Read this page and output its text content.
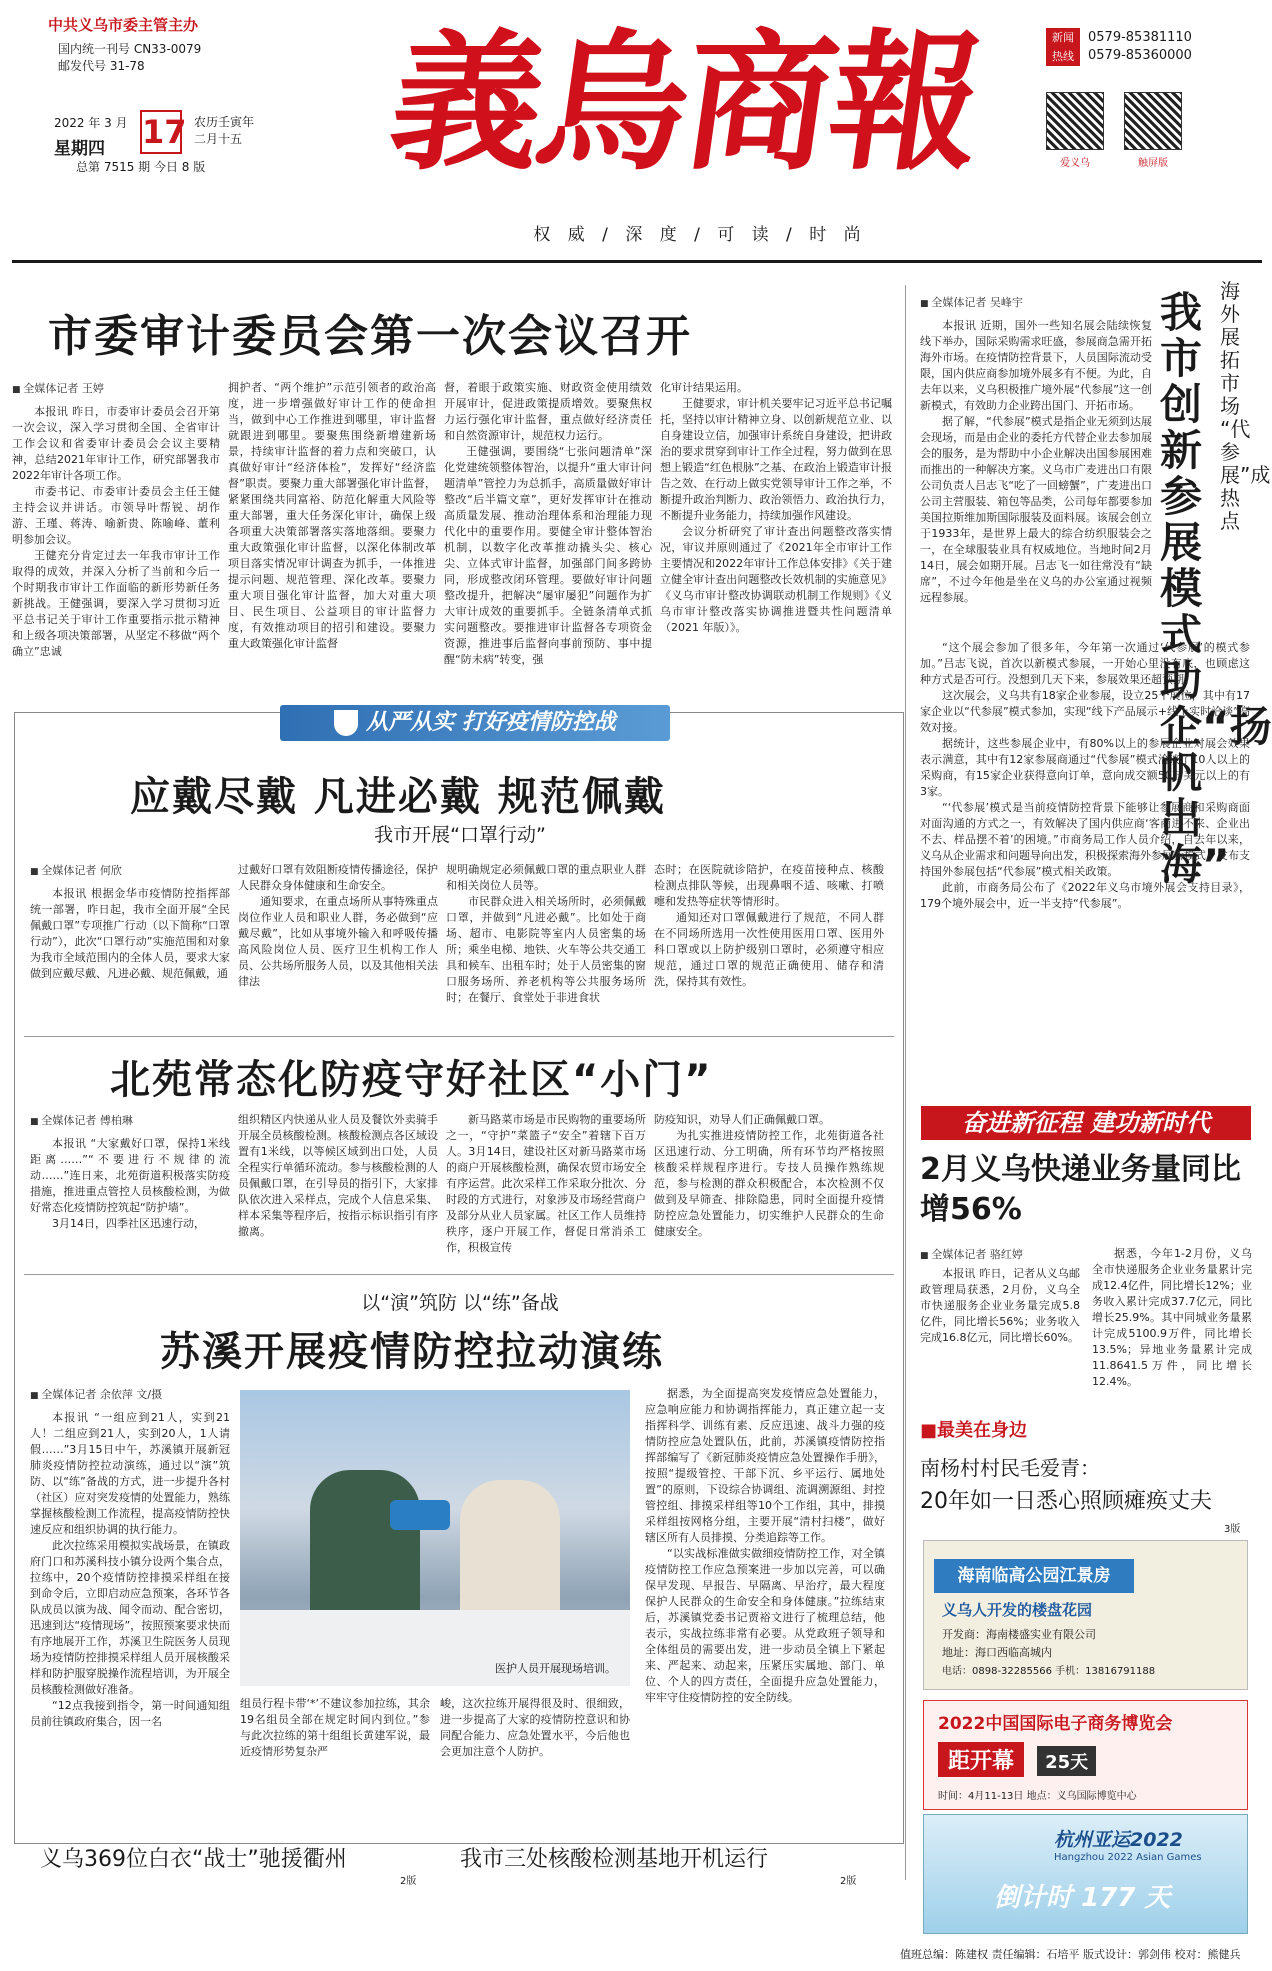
中共义乌市委主管主办
国内统一刊号 CN33-0079
邮发代号 31-78
2022 年 3 月
星期四 17 农历壬寅年
二月十五
总第 7515 期 今日 8 版 義烏商報
权 威 / 深 度 / 可 读 / 时 尚
新闻
热线
0579-85381110
0579-85360000
爱义乌	触屏版
市委审计委员会第一次会议召开
■ 全媒体记者 王婷

本报讯 昨日，市委审计委员会召开第一次会议，深入学习贯彻全国、全省审计工作会议和省委审计委员会会议主要精神，总结2021年审计工作，研究部署我市2022年审计各项工作。

市委书记、市委审计委员会主任王健主持会议并讲话。市领导叶帮锐、胡作游、王瑾、蒋涛、喻新贵、陈喻峰、董利明参加会议。

王健充分肯定过去一年我市审计工作取得的成效，并深入分析了当前和今后一个时期我市审计工作面临的新形势新任务新挑战。王健强调，要深入学习贯彻习近平总书记关于审计工作重要指示批示精神和上级各项决策部署，从坚定不移做“两个确立”忠诚

拥护者、“两个维护”示范引领者的政治高度，进一步增强做好审计工作的使命担当，做到中心工作推进到哪里，审计监督就跟进到哪里。要聚焦围绕新增建新场景，持续审计监督的着力点和突破口，认真做好审计“经济体检”，发挥好“经济监督”职责。要聚力重大部署强化审计监督，紧紧围绕共同富裕、防范化解重大风险等重大部署，重大任务深化审计，确保上级各项重大决策部署落实落地落细。要聚力重大政策强化审计监督，以深化体制改革项目落实情况审计调查为抓手，一体推进提示问题、规范管理、深化改革。要聚力重大项目强化审计监督，加大对重大项目、民生项目、公益项目的审计监督力度，有效推动项目的招引和建设。要聚力重大政策强化审计监督

督，着眼于政策实施、财政资金使用绩效开展审计，促进政策提质增效。要聚焦权力运行强化审计监督，重点做好经济责任和自然资源审计，规范权力运行。

王健强调，要围绕“七张问题清单”深化党建统领整体智治，以提升“重大审计问题清单”管控力为总抓手，高质量做好审计整改“后半篇文章”，更好发挥审计在推动高质量发展、推动治理体系和治理能力现代化中的重要作用。要健全审计整体智治机制，以数字化改革推动撬头尖、核心尖、立体式审计监督，加强部门间多跨协同，形成整改闭环管理。要做好审计问题整改提升，把解决“屡审屡犯”问题作为扩大审计成效的重要抓手。全链条清单式抓实问题整改。要推进审计监督各专项资金资源，推进事后监督向事前预防、事中提醒“防未病”转变，强

化审计结果运用。

王健要求，审计机关要牢记习近平总书记嘱托，坚持以审计精神立身、以创新规范立业、以自身建设立信，加强审计系统自身建设，把讲政治的要求贯穿到审计工作全过程，努力做到在思想上锻造“红色根脉”之基、在政治上锻造审计报告之效、在行动上做实党领导审计工作之举，不断提升政治判断力、政治领悟力、政治执行力，不断提升业务能力，持续加强作风建设。

会议分析研究了审计查出问题整改落实情况，审议并原则通过了《2021年全市审计工作主要情况和2022年审计工作总体安排》《关于建立健全审计查出问题整改长效机制的实施意见》《义乌市审计整改协调联动机制工作规则》《义乌市审计整改落实协调推进暨共性问题清单（2021 年版）》。

从严从实 打好疫情防控战
应戴尽戴 凡进必戴 规范佩戴
我市开展“口罩行动”
■ 全媒体记者 何欣

本报讯 根据金华市疫情防控指挥部统一部署，昨日起，我市全面开展“全民佩戴口罩”专项推广行动（以下简称“口罩行动”），此次“口罩行动”实施范围和对象为我市全域范围内的全体人员，要求大家做到应戴尽戴、凡进必戴、规范佩戴，通

过戴好口罩有效阻断疫情传播途径，保护人民群众身体健康和生命安全。

通知要求，在重点场所从事特殊重点岗位作业人员和职业人群，务必做到“应戴尽戴”，比如从事境外输入和呼吸传播高风险岗位人员、医疗卫生机构工作人员、公共场所服务人员，以及其他相关法律法

规明确规定必须佩戴口罩的重点职业人群和相关岗位人员等。

市民群众进入相关场所时，必须佩戴口罩，并做到“凡进必戴”。比如处于商场、超市、电影院等室内人员密集的场所；乘坐电梯、地铁、火车等公共交通工具和候车、出租车时；处于人员密集的窗口服务场所、养老机构等公共服务场所时；在餐厅、食堂处于非进食状

态时；在医院就诊陪护，在疫苗接种点、核酸检测点排队等候，出现鼻咽不适、咳嗽、打喷嚏和发热等症状等情形时。

通知还对口罩佩戴进行了规范，不同人群在不同场所选用一次性使用医用口罩、医用外科口罩或以上防护级别口罩时，必须遵守相应规范，通过口罩的规范正确使用、储存和清洗，保持其有效性。

北苑常态化防疫守好社区“小门”
■ 全媒体记者 傅柏琳

本报讯 “大家戴好口罩，保持1米线距离……”“不要进行不规律的流动……”连日来，北苑街道积极落实防疫措施，推进重点管控人员核酸检测，为做好常态化疫情防控筑起“防护墙”。

3月14日，四季社区迅速行动，

组织精区内快递从业人员及餐饮外卖骑手开展全员核酸检测。核酸检测点各区域设置有1米线，以等候区域到出口处，人员全程实行单循环流动。参与核酸检测的人员佩戴口罩，在引导员的指引下，大家排队依次进入采样点，完成个人信息采集、样本采集等程序后，按指示标识指引有序撤离。

新马路菜市场是市民购物的重要场所之一，“守护”菜篮子“安全”着辖下百万人。3月14日，建设社区对新马路菜市场的商户开展核酸检测，确保农贸市场安全有序运营。此次采样工作采取分批次、分时段的方式进行，对象涉及市场经营商户及部分从业人员家属。社区工作人员维持秩序，逐户开展工作，督促日常消杀工作，积极宣传

防疫知识，劝导人们正确佩戴口罩。

为扎实推进疫情防控工作，北苑街道各社区迅速行动、分工明确，所有环节均严格按照核酸采样规程序进行。专技人员操作熟练规范，参与检测的群众积极配合，本次检测不仅做到及早筛查、排除隐患，同时全面提升疫情防控应急处置能力，切实维护人民群众的生命健康安全。

以“演”筑防 以“练”备战
苏溪开展疫情防控拉动演练
■ 全媒体记者 余依萍 文/摄

本报讯 “一组应到21人，实到21人！二组应到21人，实到20人，1人请假……”3月15日中午，苏溪镇开展新冠肺炎疫情防控拉动演练，通过以“演”筑防、以“练”备战的方式，进一步提升各村（社区）应对突发疫情的处置能力，熟练掌握核酸检测工作流程，提高疫情防控快速反应和组织协调的执行能力。

此次拉练采用模拟实战场景，在镇政府门口和苏溪科技小镇分设两个集合点，拉练中，20个疫情防控排摸采样组在接到命令后，立即启动应急预案，各环节各队成员以演为战、闻令而动、配合密切，迅速到达“疫情现场”，按照预案要求快而有序地展开工作，苏溪卫生院医务人员现场为疫情防控排摸采样组人员开展核酸采样和防护服穿脱操作流程培训，为开展全员核酸检测做好准备。

“12点我接到指令，第一时间通知组员前往镇政府集合，因一名

医护人员开展现场培训。

组员行程卡带‘*’不建议参加拉练，其余19名组员全部在规定时间内到位。”参与此次拉练的第十组组长黄建军说，最近疫情形势复杂严

峻，这次拉练开展得很及时、很细致，进一步提高了大家的疫情防控意识和协同配合能力、应急处置水平，今后他也会更加注意个人防护。

据悉，为全面提高突发疫情应急处置能力，应急响应能力和协调指挥能力，真正建立起一支指挥科学、训练有素、反应迅速、战斗力强的疫情防控应急处置队伍，此前，苏溪镇疫情防控指挥部编写了《新冠肺炎疫情应急处置操作手册》，按照“提级管控、干部下沉、乡平运行、属地处置”的原则，下设综合协调组、流调溯源组、封控管控组、排摸采样组等10个工作组，其中，排摸采样组按网格分组，主要开展“清村扫楼”，做好辖区所有人员排摸、分类追踪等工作。

“以实战标准做实做细疫情防控工作，对全镇疫情防控工作应急预案进一步加以完善，可以确保早发现、早报告、早隔离、早治疗，最大程度保护人民群众的生命安全和身体健康。”拉练结束后，苏溪镇党委书记贾裕文进行了梳理总结，他表示，实战拉练非常有必要。从党政班子领导和全体组员的需要出发，进一步动员全镇上下紧起来、严起来、动起来，压紧压实属地、部门、单位、个人的四方责任，全面提升应急处置能力，牢牢守住疫情防控的安全防线。

义乌369位白衣“战士”驰援衢州
2版
我市三处核酸检测基地开机运行
2版
■ 全媒体记者 吴峰宇	海外展拓市场 “代参展”成热点
我市创新参展模式助企“扬帆出海”

本报讯 近期，国外一些知名展会陆续恢复线下举办，国际采购需求旺盛，参展商急需开拓海外市场。在疫情防控背景下，人员国际流动受限，国内供应商参加境外展多有不便。为此，自去年以来，义乌积极推广境外展“代参展”这一创新模式，有效助力企业跨出国门、开拓市场。

据了解，“代参展”模式是指企业无须到达展会现场，而是由企业的委托方代替企业去参加展会的服务，是为帮助中小企业解决出国参展困难而推出的一种解决方案。义乌市广麦进出口有限公司负责人吕志飞“吃了一回螃蟹”，广麦进出口公司主营服装、箱包等品类，公司每年都要参加美国拉斯维加斯国际服装及面料展。该展会创立于1933年，是世界上最大的综合纺织服装会之一，在全球服装业具有权威地位。当地时间2月14日，展会如期开展。吕志飞一如往常没有“缺席”，不过今年他是坐在义乌的办公室通过视频远程参展。

“这个展会参加了很多年，今年第一次通过‘代参展’的模式参加。”吕志飞说，首次以新模式参展，一开始心里没有底，也顾虑这种方式是否可行。没想到几天下来，参展效果还超预期。

这次展会，义乌共有18家企业参展，设立25个展位，其中有17家企业以“代参展”模式参加，实现“线下产品展示+线上实时洽谈”高效对接。

据统计，这些参展企业中，有80%以上的参展企业对展会效果表示满意，其中有12家参展商通过“代参展”模式洽谈了10人以上的采购商，有15家企业获得意向订单，意向成交额50万美元以上的有3家。

“‘代参展’模式是当前疫情防控背景下能够让参展商和采购商面对面沟通的方式之一，有效解决了国内供应商‘客商进不来、企业出不去、样品摆不着’的困境。”市商务局工作人员介绍，自去年以来，义乌从企业需求和问题导向出发，积极探索海外参展新模式，发布支持国外参展包括“代参展”模式相关政策。

此前，市商务局公布了《2022年义乌市境外展会支持目录》，179个境外展会中，近一半支持“代参展”。

奋进新征程 建功新时代
2月义乌快递业务量同比增56%
■ 全媒体记者 骆红婷

本报讯 昨日，记者从义乌邮政管理局获悉，2月份，义乌全市快递服务企业业务量完成5.8亿件，同比增长56%；业务收入完成16.8亿元，同比增长60%。

据悉，今年1-2月份，义乌全市快递服务企业业务量累计完成12.4亿件，同比增长12%；业务收入累计完成37.7亿元，同比增长25.9%。其中同城业务量累计完成5100.9万件，同比增长13.5%；异地业务量累计完成11.8641.5万件，同比增长12.4%。

■最美在身边
南杨村村民毛爱青：
20年如一日悉心照顾瘫痪丈夫
3版
海南临高公园江景房
义乌人开发的楼盘花园
开发商：海南楼盛实业有限公司
地址：海口西临高城内
电话：0898-32285566 手机：13816791188
2022中国国际电子商务博览会
距开幕 25天
时间：4月11-13日 地点：义乌国际博览中心
杭州亚运2022
Hangzhou 2022 Asian Games
倒计时 177 天
值班总编：陈建权 责任编辑：石培平 版式设计：郭剑伟 校对：熊健兵
